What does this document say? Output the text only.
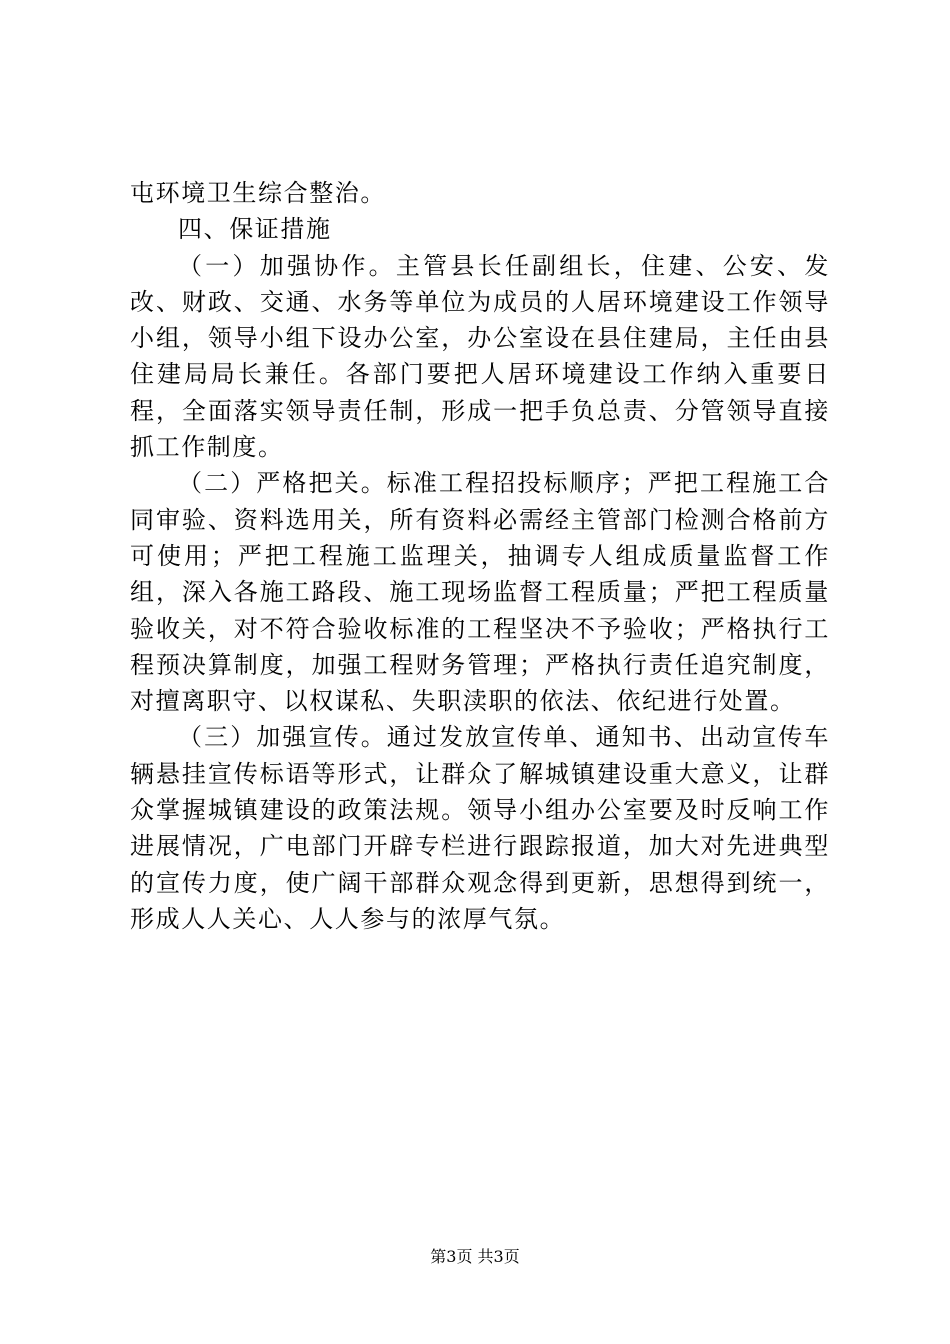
屯环境卫生综合整治。

四、保证措施

（一）加强协作。主管县长任副组长，住建、公安、发改、财政、交通、水务等单位为成员的人居环境建设工作领导小组，领导小组下设办公室，办公室设在县住建局，主任由县住建局局长兼任。各部门要把人居环境建设工作纳入重要日程，全面落实领导责任制，形成一把手负总责、分管领导直接抓工作制度。

（二）严格把关。标准工程招投标顺序；严把工程施工合同审验、资料选用关，所有资料必需经主管部门检测合格前方可使用；严把工程施工监理关，抽调专人组成质量监督工作组，深入各施工路段、施工现场监督工程质量；严把工程质量验收关，对不符合验收标准的工程坚决不予验收；严格执行工程预决算制度，加强工程财务管理；严格执行责任追究制度，对擅离职守、以权谋私、失职渎职的依法、依纪进行处置。

（三）加强宣传。通过发放宣传单、通知书、出动宣传车辆悬挂宣传标语等形式，让群众了解城镇建设重大意义，让群众掌握城镇建设的政策法规。领导小组办公室要及时反响工作进展情况，广电部门开辟专栏进行跟踪报道，加大对先进典型的宣传力度，使广阔干部群众观念得到更新，思想得到统一，形成人人关心、人人参与的浓厚气氛。

第3页 共3页
